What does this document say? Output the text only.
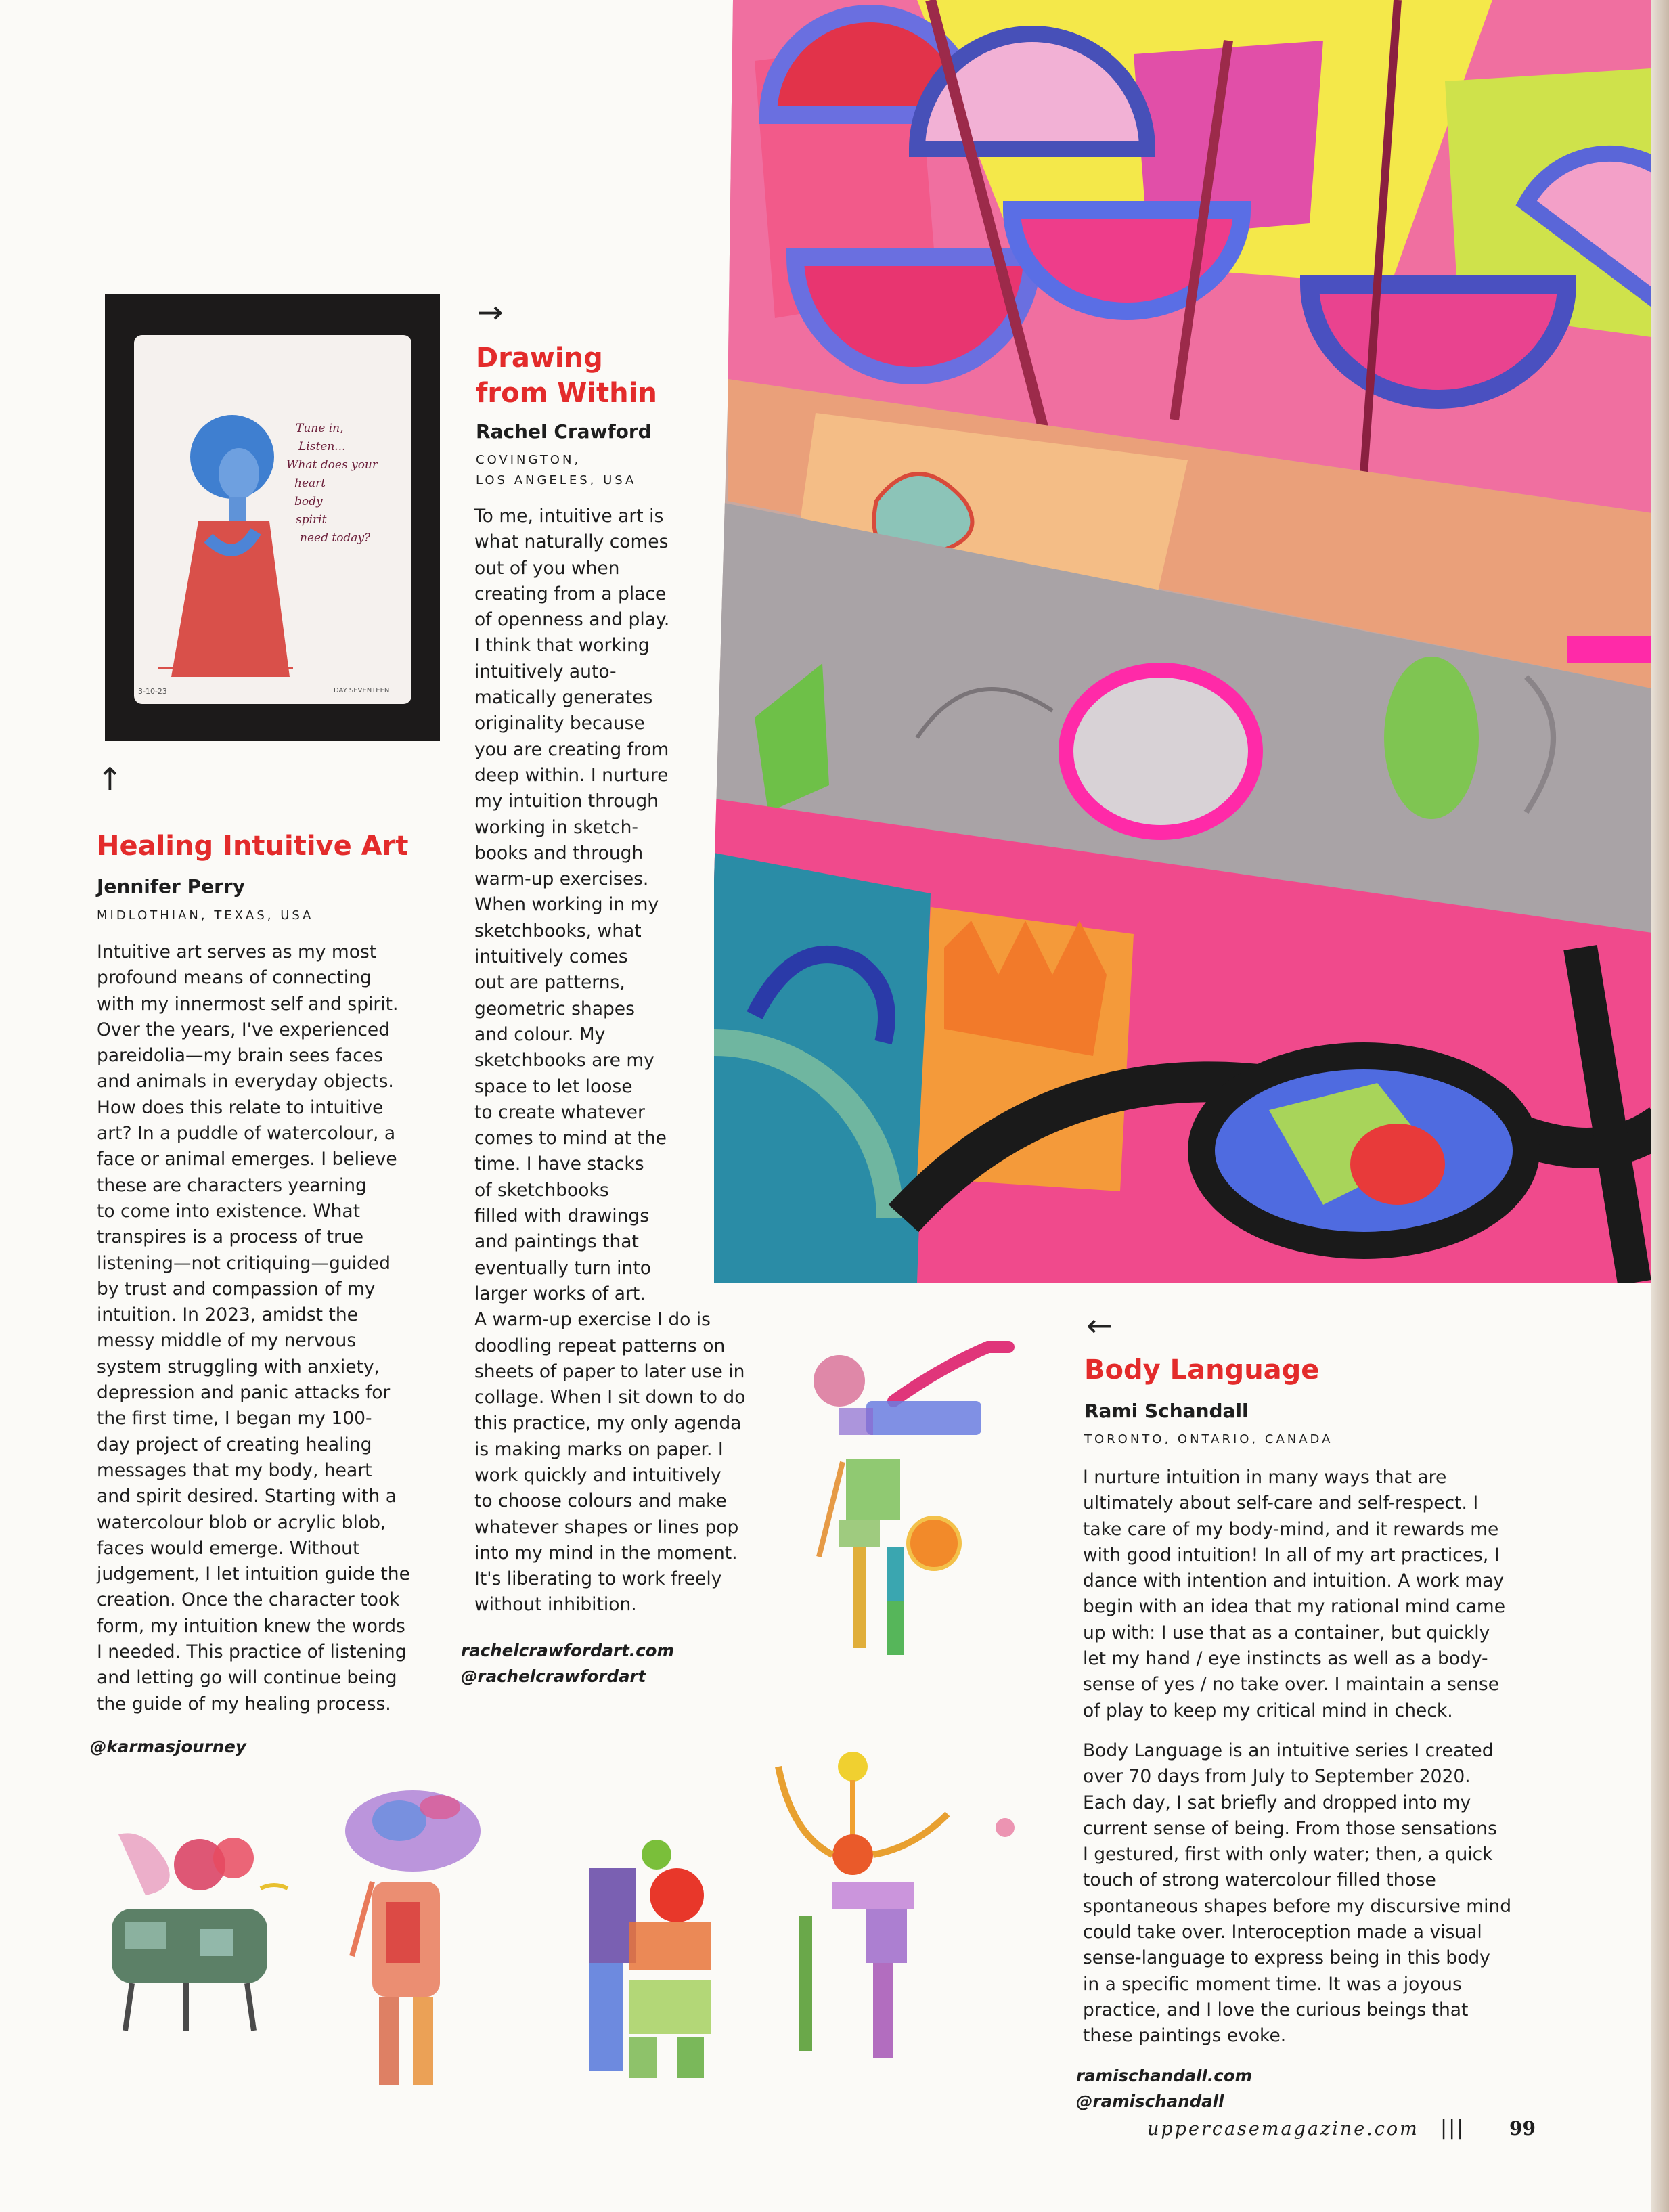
Tune in,
Listen...
What does your
heart
body
spirit
need today?
3-10-23	DAY SEVENTEEN
↑
→
←
Healing Intuitive Art
Jennifer Perry
MIDLOTHIAN, TEXAS, USA
Intuitive art serves as my most
profound means of connecting
with my innermost self and spirit.
Over the years, I've experienced
pareidolia—my brain sees faces
and animals in everyday objects.
How does this relate to intuitive
art? In a puddle of watercolour, a
face or animal emerges. I believe
these are characters yearning
to come into existence. What
transpires is a process of true
listening—not critiquing—guided
by trust and compassion of my
intuition. In 2023, amidst the
messy middle of my nervous
system struggling with anxiety,
depression and panic attacks for
the first time, I began my 100-
day project of creating healing
messages that my body, heart
and spirit desired. Starting with a
watercolour blob or acrylic blob,
faces would emerge. Without
judgement, I let intuition guide the
creation. Once the character took
form, my intuition knew the words
I needed. This practice of listening
and letting go will continue being
the guide of my healing process.
@karmasjourney
Drawing
from Within
Rachel Crawford
COVINGTON,
LOS ANGELES, USA
To me, intuitive art is
what naturally comes
out of you when
creating from a place
of openness and play.
I think that working
intuitively auto-
matically generates
originality because
you are creating from
deep within. I nurture
my intuition through
working in sketch-
books and through
warm-up exercises.
When working in my
sketchbooks, what
intuitively comes
out are patterns,
geometric shapes
and colour. My
sketchbooks are my
space to let loose
to create whatever
comes to mind at the
time. I have stacks
of sketchbooks
filled with drawings
and paintings that
eventually turn into
larger works of art.
A warm-up exercise I do is
doodling repeat patterns on
sheets of paper to later use in
collage. When I sit down to do
this practice, my only agenda
is making marks on paper. I
work quickly and intuitively
to choose colours and make
whatever shapes or lines pop
into my mind in the moment.
It's liberating to work freely
without inhibition.
rachelcrawfordart.com
@rachelcrawfordart
Body Language
Rami Schandall
TORONTO, ONTARIO, CANADA
I nurture intuition in many ways that are
ultimately about self-care and self-respect. I
take care of my body-mind, and it rewards me
with good intuition! In all of my art practices, I
dance with intention and intuition. A work may
begin with an idea that my rational mind came
up with: I use that as a container, but quickly
let my hand / eye instincts as well as a body-
sense of yes / no take over. I maintain a sense
of play to keep my critical mind in check.
Body Language is an intuitive series I created
over 70 days from July to September 2020.
Each day, I sat briefly and dropped into my
current sense of being. From those sensations
I gestured, first with only water; then, a quick
touch of strong watercolour filled those
spontaneous shapes before my discursive mind
could take over. Interoception made a visual
sense-language to express being in this body
in a specific moment time. It was a joyous
practice, and I love the curious beings that
these paintings evoke.
ramischandall.com
@ramischandall
uppercasemagazine.com ||| 99
